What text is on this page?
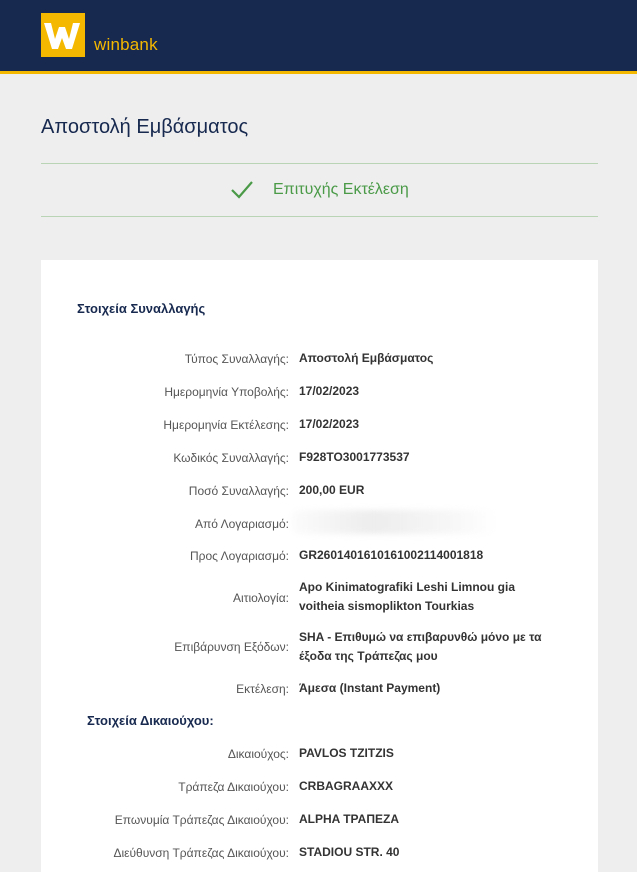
winbank
Αποστολή Εμβάσματος
Επιτυχής Εκτέλεση
Στοιχεία Συναλλαγής
Τύπος Συναλλαγής: Αποστολή Εμβάσματος
Ημερομηνία Υποβολής: 17/02/2023
Ημερομηνία Εκτέλεσης: 17/02/2023
Κωδικός Συναλλαγής: F928TO3001773537
Ποσό Συναλλαγής: 200,00 EUR
Από Λογαριασμό:
Προς Λογαριασμό: GR2601401610161002114001818
Αιτιολογία:
Apo Kinimatografiki Leshi Limnou gia voitheia sismoplikton Tourkias
Επιβάρυνση Εξόδων:
SHA - Επιθυμώ να επιβαρυνθώ μόνο με τα έξοδα της Τράπεζας μου
Εκτέλεση: Άμεσα (Instant Payment)
Στοιχεία Δικαιούχου:
Δικαιούχος: PAVLOS TZITZIS
Τράπεζα Δικαιούχου: CRBAGRAAXXX
Επωνυμία Τράπεζας Δικαιούχου: ALPHA ΤΡΑΠΕΖΑ
Διεύθυνση Τράπεζας Δικαιούχου: STADIOU STR. 40
